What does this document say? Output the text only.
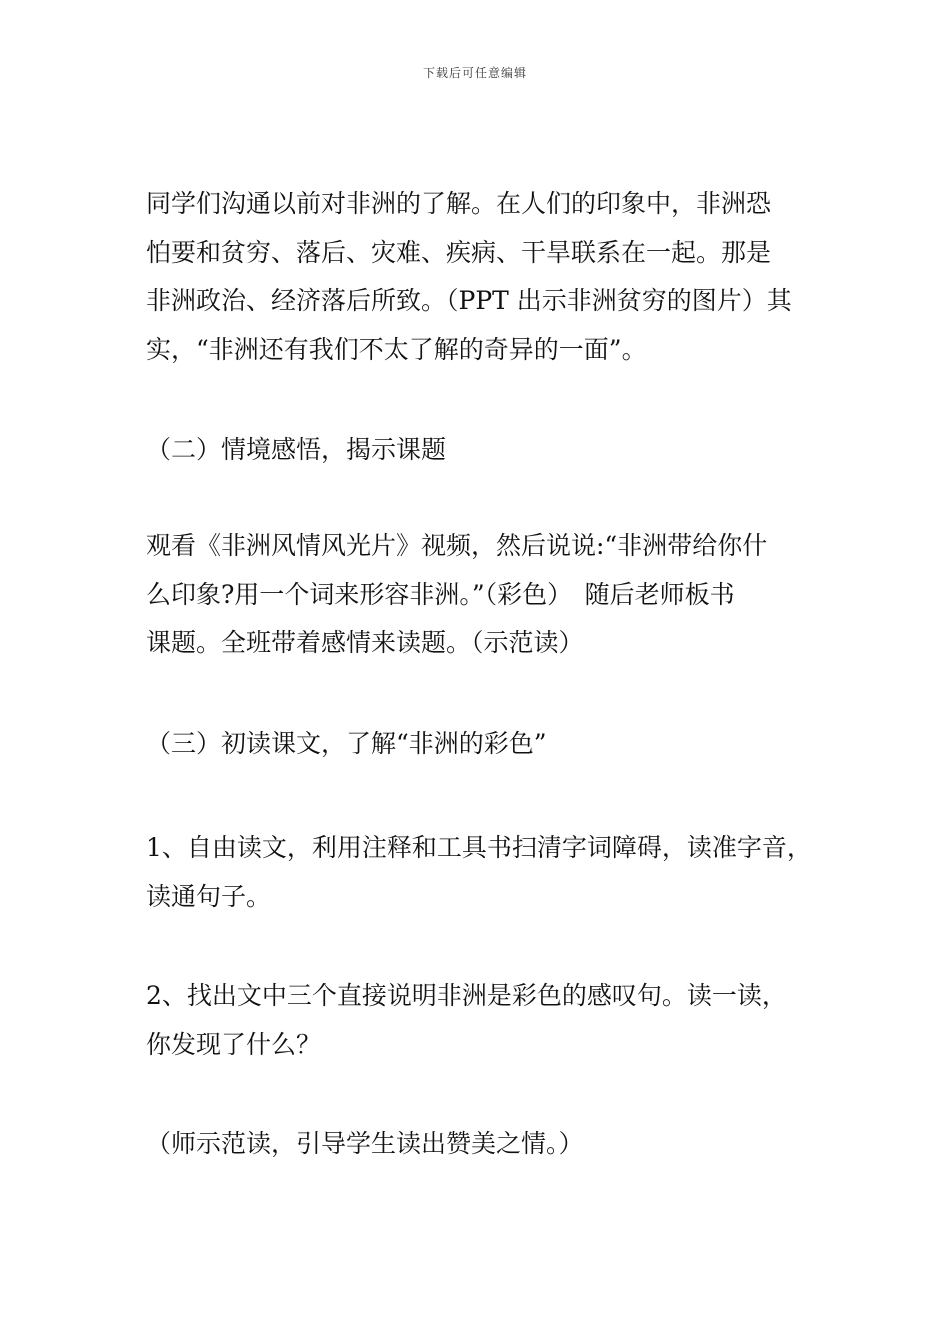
下载后可任意编辑
同学们沟通以前对非洲的了解。在人们的印象中，非洲恐
怕要和贫穷、落后、灾难、疾病、干旱联系在一起。那是
非洲政治、经济落后所致。（PPT 出示非洲贫穷的图片）其
实，“非洲还有我们不太了解的奇异的一面”。
（二）情境感悟，揭示课题
观看《非洲风情风光片》视频，然后说说:“非洲带给你什
么印象?用一个词来形容非洲。”（彩色）　随后老师板书
课题。全班带着感情来读题。（示范读）
（三）初读课文，了解“非洲的彩色”
1、自由读文，利用注释和工具书扫清字词障碍，读准字音，
读通句子。
2、找出文中三个直接说明非洲是彩色的感叹句。读一读，
你发现了什么？
（师示范读，引导学生读出赞美之情。）
